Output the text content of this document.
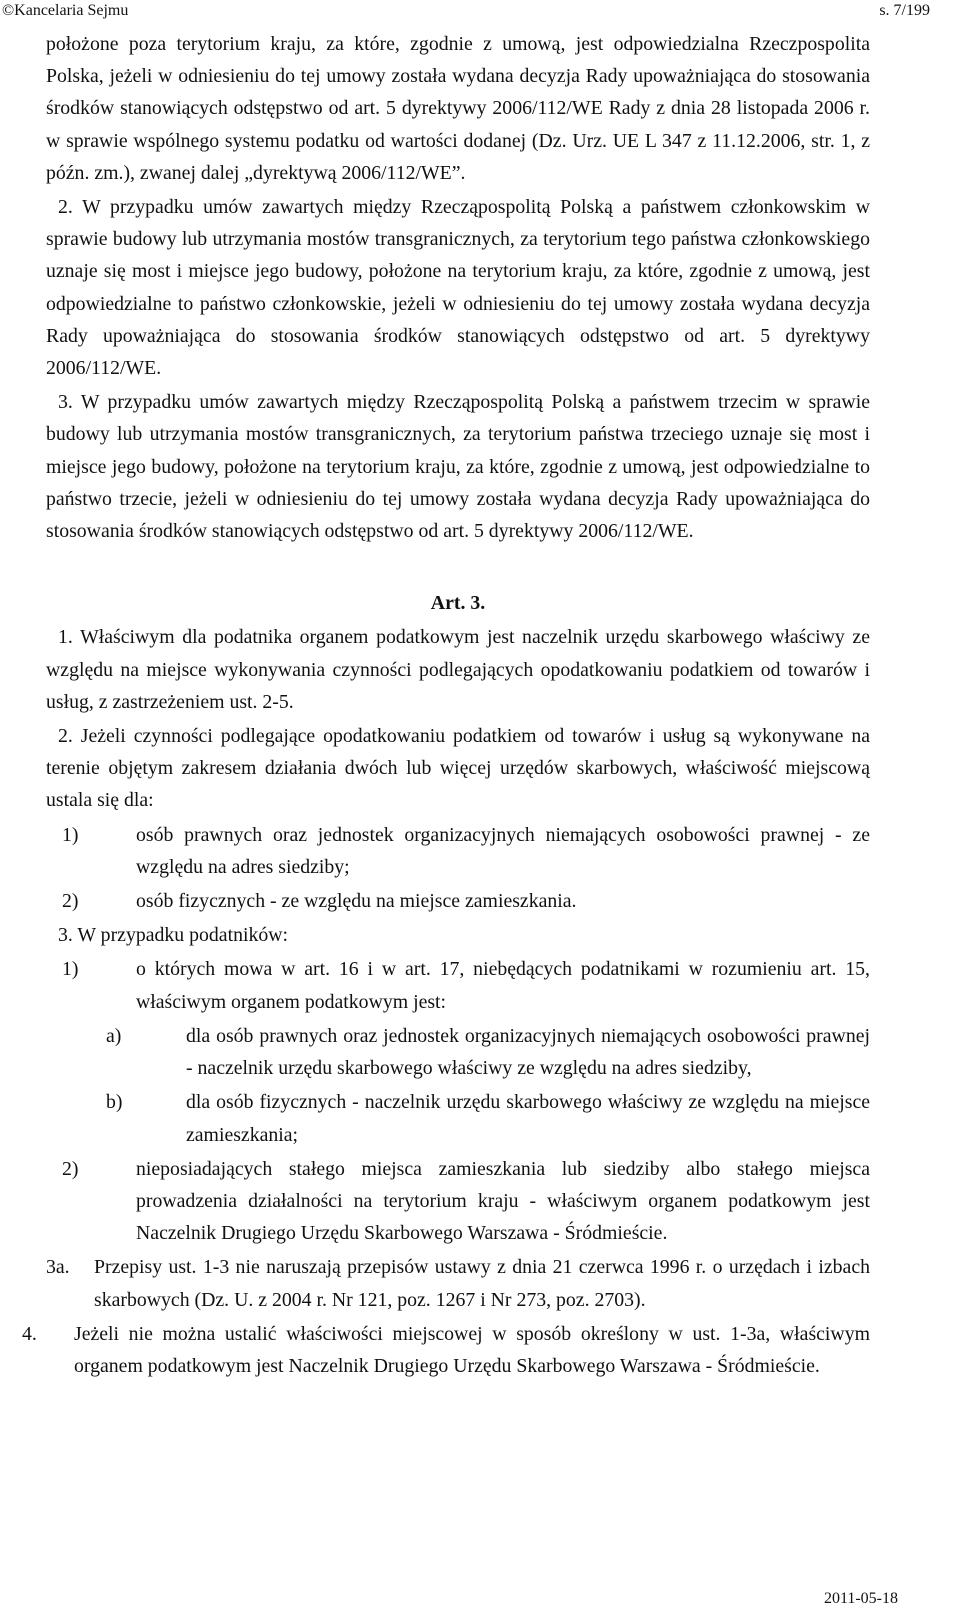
©Kancelaria Sejmu	s. 7/199

położone poza terytorium kraju, za które, zgodnie z umową, jest odpowiedzialna Rzeczpospolita Polska, jeżeli w odniesieniu do tej umowy została wydana decyzja Rady upoważniająca do stosowania środków stanowiących odstępstwo od art. 5 dyrektywy 2006/112/WE Rady z dnia 28 listopada 2006 r. w sprawie wspólnego systemu podatku od wartości dodanej (Dz. Urz. UE L 347 z 11.12.2006, str. 1, z późn. zm.), zwanej dalej „dyrektywą 2006/112/WE”.

2. W przypadku umów zawartych między Rzecząpospolitą Polską a państwem członkowskim w sprawie budowy lub utrzymania mostów transgranicznych, za terytorium tego państwa członkowskiego uznaje się most i miejsce jego budowy, położone na terytorium kraju, za które, zgodnie z umową, jest odpowiedzialne to państwo członkowskie, jeżeli w odniesieniu do tej umowy została wydana decyzja Rady upoważniająca do stosowania środków stanowiących odstępstwo od art. 5 dyrektywy 2006/112/WE.

3. W przypadku umów zawartych między Rzecząpospolitą Polską a państwem trzecim w sprawie budowy lub utrzymania mostów transgranicznych, za terytorium państwa trzeciego uznaje się most i miejsce jego budowy, położone na terytorium kraju, za które, zgodnie z umową, jest odpowiedzialne to państwo trzecie, jeżeli w odniesieniu do tej umowy została wydana decyzja Rady upoważniająca do stosowania środków stanowiących odstępstwo od art. 5 dyrektywy 2006/112/WE.

Art. 3.

1. Właściwym dla podatnika organem podatkowym jest naczelnik urzędu skarbowego właściwy ze względu na miejsce wykonywania czynności podlegających opodatkowaniu podatkiem od towarów i usług, z zastrzeżeniem ust. 2-5.

2. Jeżeli czynności podlegające opodatkowaniu podatkiem od towarów i usług są wykonywane na terenie objętym zakresem działania dwóch lub więcej urzędów skarbowych, właściwość miejscową ustala się dla:

1)	osób prawnych oraz jednostek organizacyjnych niemających osobowości prawnej - ze względu na adres siedziby;

2)	osób fizycznych - ze względu na miejsce zamieszkania.

3. W przypadku podatników:

1)	o których mowa w art. 16 i w art. 17, niebędących podatnikami w rozumieniu art. 15, właściwym organem podatkowym jest:

a)	dla osób prawnych oraz jednostek organizacyjnych niemających osobowości prawnej - naczelnik urzędu skarbowego właściwy ze względu na adres siedziby,

b)	dla osób fizycznych - naczelnik urzędu skarbowego właściwy ze względu na miejsce zamieszkania;

2)	nieposiadających stałego miejsca zamieszkania lub siedziby albo stałego miejsca prowadzenia działalności na terytorium kraju - właściwym organem podatkowym jest Naczelnik Drugiego Urzędu Skarbowego Warszawa - Śródmieście.

3a. Przepisy ust. 1-3 nie naruszają przepisów ustawy z dnia 21 czerwca 1996 r. o urzędach i izbach skarbowych (Dz. U. z 2004 r. Nr 121, poz. 1267 i Nr 273, poz. 2703).

4. Jeżeli nie można ustalić właściwości miejscowej w sposób określony w ust. 1-3a, właściwym organem podatkowym jest Naczelnik Drugiego Urzędu Skarbowego Warszawa - Śródmieście.

2011-05-18
